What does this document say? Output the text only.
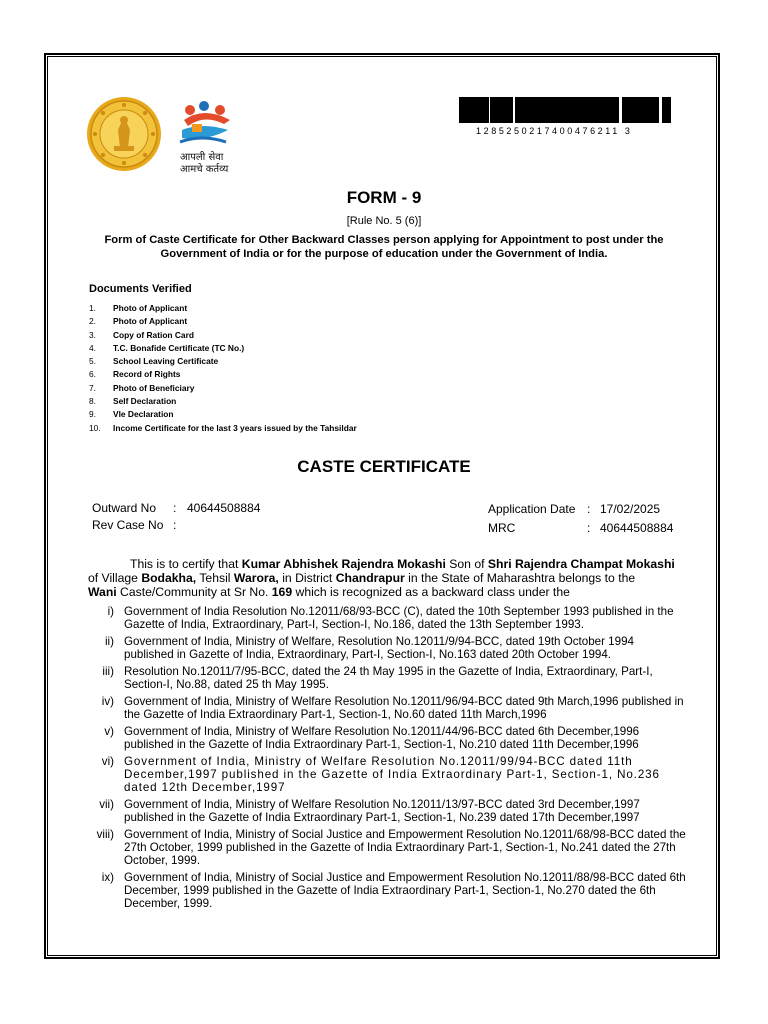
आपली सेवा
आमचे कर्तव्य
1285250217400476211 3
FORM - 9
[Rule No. 5 (6)]
Form of Caste Certificate for Other Backward Classes person applying for Appointment to post under the Government of India or for the purpose of education under the Government of India.
Documents Verified
1.	Photo of Applicant
2.	Photo of Applicant
3.	Copy of Ration Card
4.	T.C. Bonafide Certificate (TC No.)
5.	School Leaving Certificate
6.	Record of Rights
7.	Photo of Beneficiary
8.	Self Declaration
9.	Vle Declaration
10.	Income Certificate for the last 3 years issued by the Tahsildar
CASTE CERTIFICATE
Outward No : 40644508884
Rev Case No :
Application Date : 17/02/2025
MRC	: 40644508884
This is to certify that Kumar Abhishek Rajendra Mokashi Son of Shri Rajendra Champat Mokashi
of Village Bodakha, Tehsil Warora, in District Chandrapur in the State of Maharashtra belongs to the
Wani Caste/Community at Sr No. 169 which is recognized as a backward class under the
i) Government of India Resolution No.12011/68/93-BCC (C), dated the 10th September 1993 published in the Gazette of India, Extraordinary, Part-I, Section-I, No.186, dated the 13th September 1993.
ii) Government of India, Ministry of Welfare, Resolution No.12011/9/94-BCC, dated 19th October 1994 published in Gazette of India, Extraordinary, Part-I, Section-I, No.163 dated 20th October 1994.
iii) Resolution No.12011/7/95-BCC, dated the 24 th May 1995 in the Gazette of India, Extraordinary, Part-I, Section-I, No.88, dated 25 th May 1995.
iv) Government of India, Ministry of Welfare Resolution No.12011/96/94-BCC dated 9th March,1996 published in the Gazette of India Extraordinary Part-1, Section-1, No.60 dated 11th March,1996
v) Government of India, Ministry of Welfare Resolution No.12011/44/96-BCC dated 6th December,1996 published in the Gazette of India Extraordinary Part-1, Section-1, No.210 dated 11th December,1996
vi) Government of India, Ministry of Welfare Resolution No.12011/99/94-BCC dated 11th December,1997 published in the Gazette of India Extraordinary Part-1, Section-1, No.236 dated 12th December,1997
vii) Government of India, Ministry of Welfare Resolution No.12011/13/97-BCC dated 3rd December,1997 published in the Gazette of India Extraordinary Part-1, Section-1, No.239 dated 17th December,1997
viii) Government of India, Ministry of Social Justice and Empowerment Resolution No.12011/68/98-BCC dated the 27th October, 1999 published in the Gazette of India Extraordinary Part-1, Section-1, No.241 dated the 27th October, 1999.
ix) Government of India, Ministry of Social Justice and Empowerment Resolution No.12011/88/98-BCC dated 6th December, 1999 published in the Gazette of India Extraordinary Part-1, Section-1, No.270 dated the 6th December, 1999.
